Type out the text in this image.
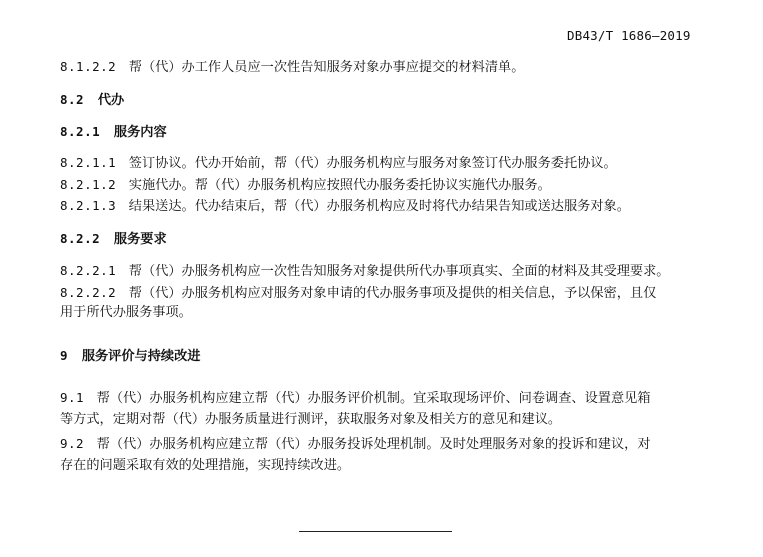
DB43/T 1686—2019
8.1.2.2 帮（代）办工作人员应一次性告知服务对象办事应提交的材料清单。
8.2 代办
8.2.1 服务内容
8.2.1.1 签订协议。代办开始前，帮（代）办服务机构应与服务对象签订代办服务委托协议。
8.2.1.2 实施代办。帮（代）办服务机构应按照代办服务委托协议实施代办服务。
8.2.1.3 结果送达。代办结束后，帮（代）办服务机构应及时将代办结果告知或送达服务对象。
8.2.2 服务要求
8.2.2.1 帮（代）办服务机构应一次性告知服务对象提供所代办事项真实、全面的材料及其受理要求。
8.2.2.2 帮（代）办服务机构应对服务对象申请的代办服务事项及提供的相关信息，予以保密，且仅
用于所代办服务事项。
9 服务评价与持续改进
9.1 帮（代）办服务机构应建立帮（代）办服务评价机制。宜采取现场评价、问卷调查、设置意见箱
等方式，定期对帮（代）办服务质量进行测评，获取服务对象及相关方的意见和建议。
9.2 帮（代）办服务机构应建立帮（代）办服务投诉处理机制。及时处理服务对象的投诉和建议，对
存在的问题采取有效的处理措施，实现持续改进。
